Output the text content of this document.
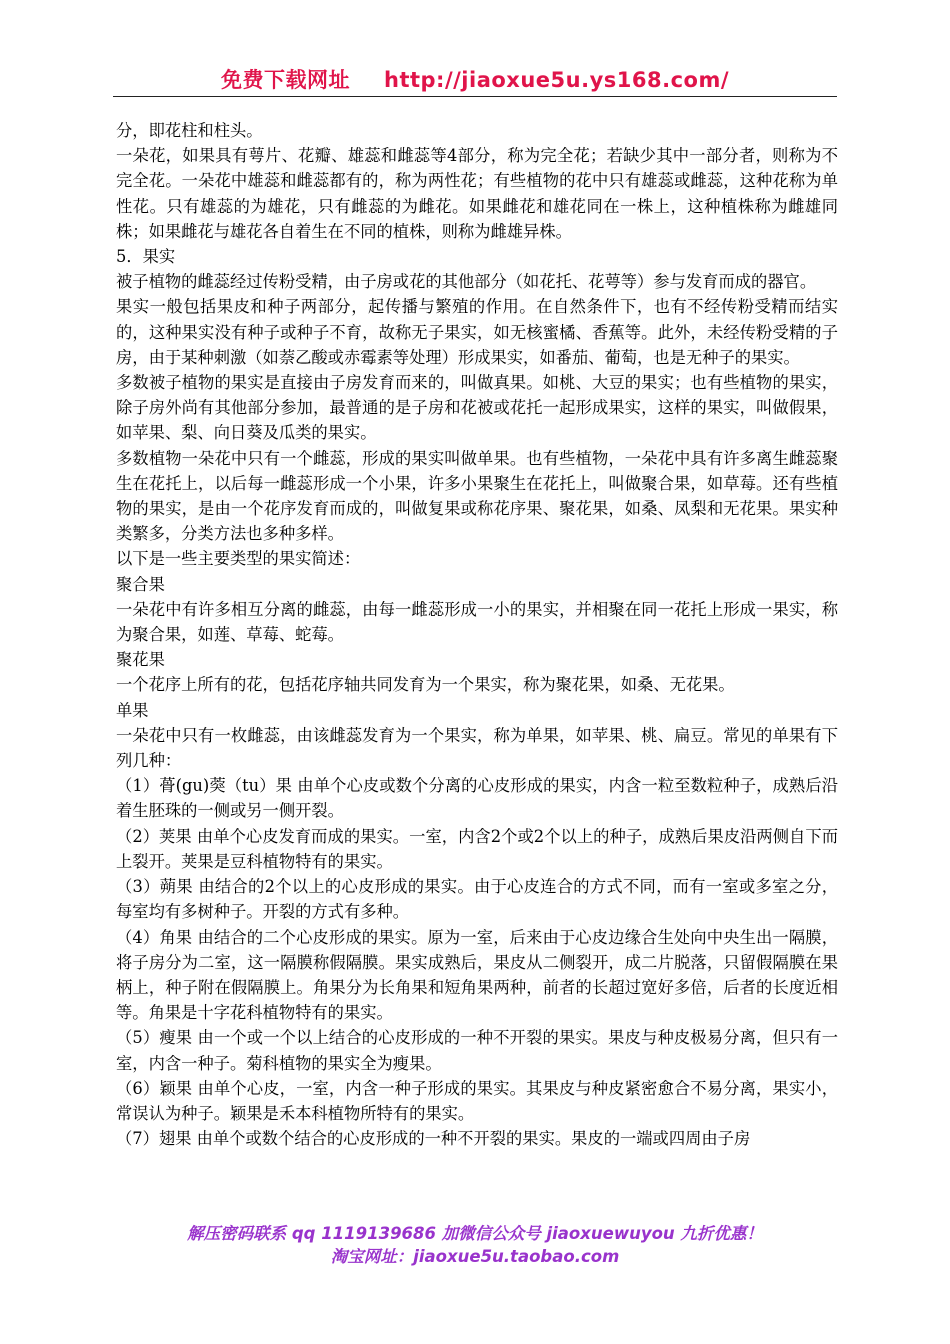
免费下载网址 http://jiaoxue5u.ys168.com/

分，即花柱和柱头。

一朵花，如果具有萼片、花瓣、雄蕊和雌蕊等4部分，称为完全花；若缺少其中一部分者，则称为不完全花。一朵花中雄蕊和雌蕊都有的，称为两性花；有些植物的花中只有雄蕊或雌蕊，这种花称为单性花。只有雄蕊的为雄花，只有雌蕊的为雌花。如果雌花和雄花同在一株上，这种植株称为雌雄同株；如果雌花与雄花各自着生在不同的植株，则称为雌雄异株。

5．果实

被子植物的雌蕊经过传粉受精，由子房或花的其他部分（如花托、花萼等）参与发育而成的器官。

果实一般包括果皮和种子两部分，起传播与繁殖的作用。在自然条件下，也有不经传粉受精而结实的，这种果实没有种子或种子不育，故称无子果实，如无核蜜橘、香蕉等。此外，未经传粉受精的子房，由于某种刺激（如萘乙酸或赤霉素等处理）形成果实，如番茄、葡萄，也是无种子的果实。

多数被子植物的果实是直接由子房发育而来的，叫做真果。如桃、大豆的果实；也有些植物的果实，除子房外尚有其他部分参加，最普通的是子房和花被或花托一起形成果实，这样的果实，叫做假果，如苹果、梨、向日葵及瓜类的果实。

多数植物一朵花中只有一个雌蕊，形成的果实叫做单果。也有些植物，一朵花中具有许多离生雌蕊聚生在花托上，以后每一雌蕊形成一个小果，许多小果聚生在花托上，叫做聚合果，如草莓。还有些植物的果实，是由一个花序发育而成的，叫做复果或称花序果、聚花果，如桑、凤梨和无花果。果实种类繁多，分类方法也多种多样。

以下是一些主要类型的果实简述：

聚合果

一朵花中有许多相互分离的雌蕊，由每一雌蕊形成一小的果实，并相聚在同一花托上形成一果实，称为聚合果，如莲、草莓、蛇莓。

聚花果

一个花序上所有的花，包括花序轴共同发育为一个果实，称为聚花果，如桑、无花果。

单果

一朵花中只有一枚雌蕊，由该雌蕊发育为一个果实，称为单果，如苹果、桃、扁豆。常见的单果有下列几种：

（1）蓇(gu)葖（tu）果 由单个心皮或数个分离的心皮形成的果实，内含一粒至数粒种子，成熟后沿着生胚珠的一侧或另一侧开裂。

（2）荚果 由单个心皮发育而成的果实。一室，内含2个或2个以上的种子，成熟后果皮沿两侧自下而上裂开。荚果是豆科植物特有的果实。

（3）蒴果 由结合的2个以上的心皮形成的果实。由于心皮连合的方式不同，而有一室或多室之分，每室均有多树种子。开裂的方式有多种。

（4）角果 由结合的二个心皮形成的果实。原为一室，后来由于心皮边缘合生处向中央生出一隔膜，将子房分为二室，这一隔膜称假隔膜。果实成熟后，果皮从二侧裂开，成二片脱落，只留假隔膜在果柄上，种子附在假隔膜上。角果分为长角果和短角果两种，前者的长超过宽好多倍，后者的长度近相等。角果是十字花科植物特有的果实。

（5）瘦果 由一个或一个以上结合的心皮形成的一种不开裂的果实。果皮与种皮极易分离，但只有一室，内含一种子。菊科植物的果实全为瘦果。

（6）颖果 由单个心皮，一室，内含一种子形成的果实。其果皮与种皮紧密愈合不易分离，果实小，常误认为种子。颖果是禾本科植物所特有的果实。

（7）翅果 由单个或数个结合的心皮形成的一种不开裂的果实。果皮的一端或四周由子房

解压密码联系 qq 1119139686 加微信公众号 jiaoxuewuyou 九折优惠！
淘宝网址：jiaoxue5u.taobao.com
